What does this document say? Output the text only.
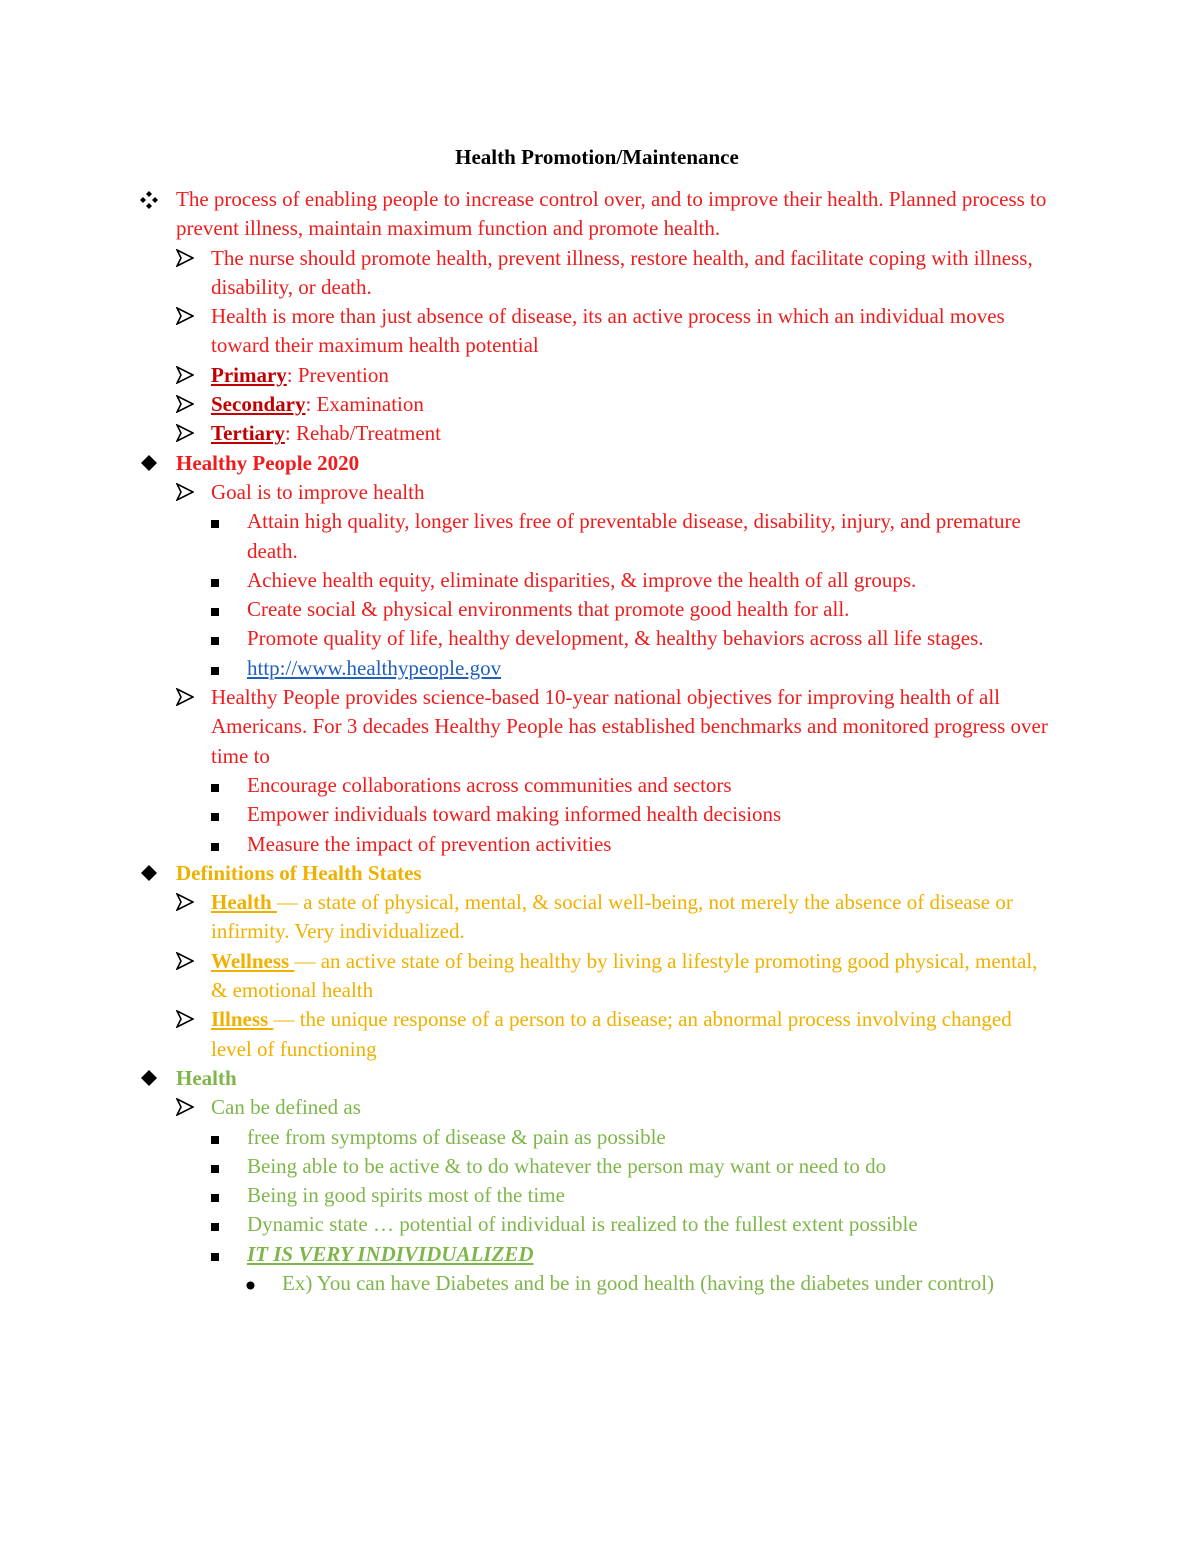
Health Promotion/Maintenance
The process of enabling people to increase control over, and to improve their health. Planned process to prevent illness, maintain maximum function and promote health.
The nurse should promote health, prevent illness, restore health, and facilitate coping with illness, disability, or death.
Health is more than just absence of disease, its an active process in which an individual moves toward their maximum health potential
Primary: Prevention
Secondary: Examination
Tertiary: Rehab/Treatment
Healthy People 2020
Goal is to improve health
Attain high quality, longer lives free of preventable disease, disability, injury, and premature death.
Achieve health equity, eliminate disparities, & improve the health of all groups.
Create social & physical environments that promote good health for all.
Promote quality of life, healthy development, & healthy behaviors across all life stages.
http://www.healthypeople.gov
Healthy People provides science-based 10-year national objectives for improving health of all Americans. For 3 decades Healthy People has established benchmarks and monitored progress over time to
Encourage collaborations across communities and sectors
Empower individuals toward making informed health decisions
Measure the impact of prevention activities
Definitions of Health States
Health — a state of physical, mental, & social well-being, not merely the absence of disease or infirmity. Very individualized.
Wellness — an active state of being healthy by living a lifestyle promoting good physical, mental, & emotional health
Illness — the unique response of a person to a disease; an abnormal process involving changed level of functioning
Health
Can be defined as
free from symptoms of disease & pain as possible
Being able to be active & to do whatever the person may want or need to do
Being in good spirits most of the time
Dynamic state … potential of individual is realized to the fullest extent possible
IT IS VERY INDIVIDUALIZED
Ex) You can have Diabetes and be in good health (having the diabetes under control)
